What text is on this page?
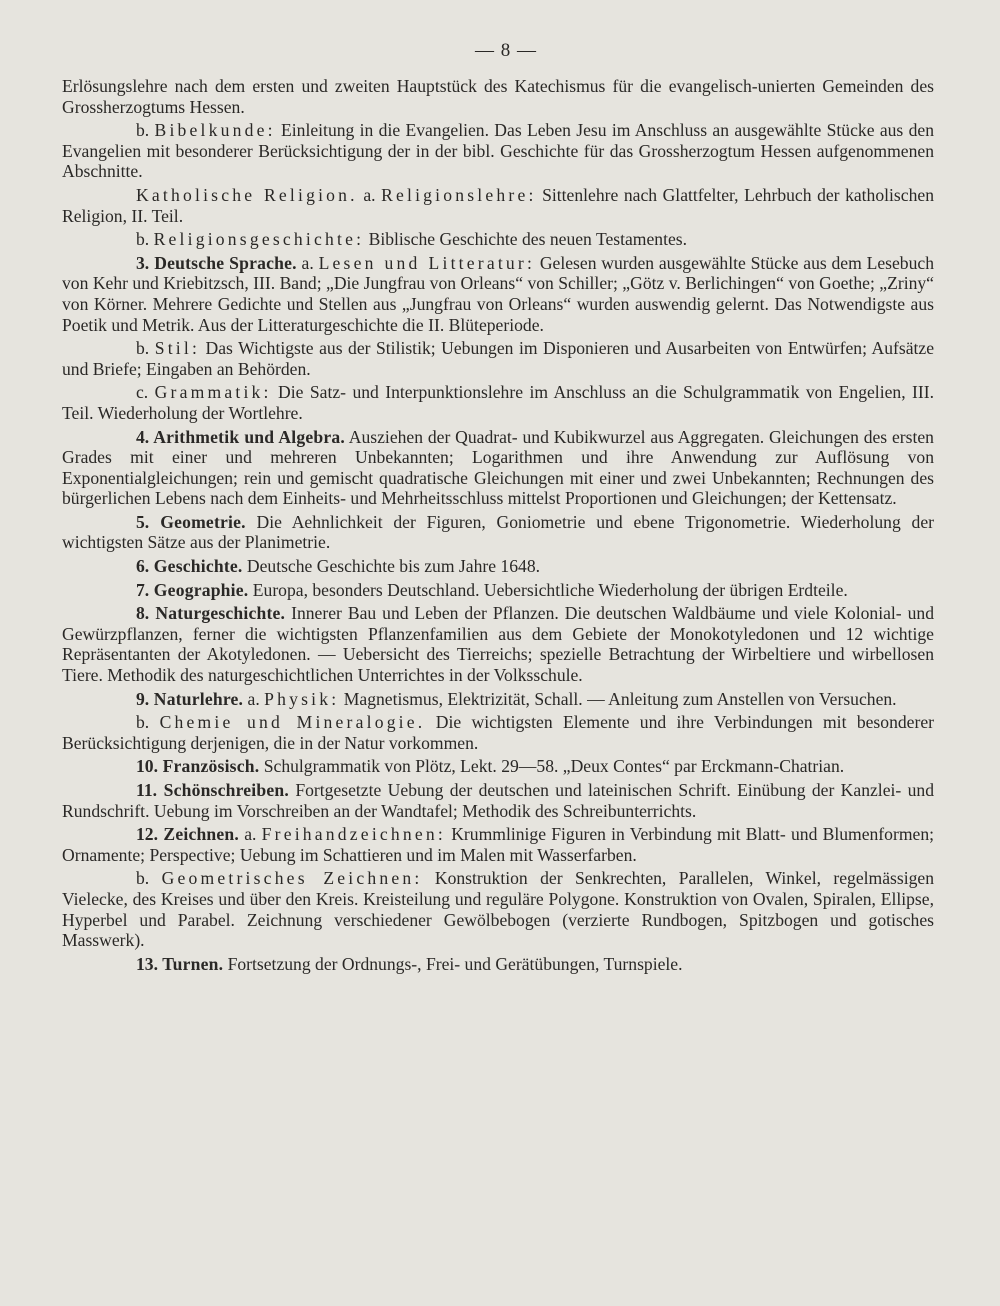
— 8 —

Erlösungslehre nach dem ersten und zweiten Hauptstück des Katechismus für die evangelisch-unierten Gemeinden des Grossherzogtums Hessen.

b. Bibelkunde: Einleitung in die Evangelien. Das Leben Jesu im Anschluss an ausgewählte Stücke aus den Evangelien mit besonderer Berücksichtigung der in der bibl. Geschichte für das Grossherzogtum Hessen aufgenommenen Abschnitte.

Katholische Religion. a. Religionslehre: Sittenlehre nach Glattfelter, Lehrbuch der katholischen Religion, II. Teil.

b. Religionsgeschichte: Biblische Geschichte des neuen Testamentes.

3. Deutsche Sprache. a. Lesen und Litteratur: Gelesen wurden ausgewählte Stücke aus dem Lesebuch von Kehr und Kriebitzsch, III. Band; „Die Jungfrau von Orleans“ von Schiller; „Götz v. Berlichingen“ von Goethe; „Zriny“ von Körner. Mehrere Gedichte und Stellen aus „Jungfrau von Orleans“ wurden auswendig gelernt. Das Notwendigste aus Poetik und Metrik. Aus der Litteraturgeschichte die II. Blüteperiode.

b. Stil: Das Wichtigste aus der Stilistik; Uebungen im Disponieren und Ausarbeiten von Entwürfen; Aufsätze und Briefe; Eingaben an Behörden.

c. Grammatik: Die Satz- und Interpunktionslehre im Anschluss an die Schulgrammatik von Engelien, III. Teil. Wiederholung der Wortlehre.

4. Arithmetik und Algebra. Ausziehen der Quadrat- und Kubikwurzel aus Aggregaten. Gleichungen des ersten Grades mit einer und mehreren Unbekannten; Logarithmen und ihre Anwendung zur Auflösung von Exponentialgleichungen; rein und gemischt quadratische Gleichungen mit einer und zwei Unbekannten; Rechnungen des bürgerlichen Lebens nach dem Einheits- und Mehrheitsschluss mittelst Proportionen und Gleichungen; der Kettensatz.

5. Geometrie. Die Aehnlichkeit der Figuren, Goniometrie und ebene Trigonometrie. Wiederholung der wichtigsten Sätze aus der Planimetrie.

6. Geschichte. Deutsche Geschichte bis zum Jahre 1648.

7. Geographie. Europa, besonders Deutschland. Uebersichtliche Wiederholung der übrigen Erdteile.

8. Naturgeschichte. Innerer Bau und Leben der Pflanzen. Die deutschen Waldbäume und viele Kolonial- und Gewürzpflanzen, ferner die wichtigsten Pflanzenfamilien aus dem Gebiete der Monokotyledonen und 12 wichtige Repräsentanten der Akotyledonen. — Uebersicht des Tierreichs; spezielle Betrachtung der Wirbeltiere und wirbellosen Tiere. Methodik des naturgeschichtlichen Unterrichtes in der Volksschule.

9. Naturlehre. a. Physik: Magnetismus, Elektrizität, Schall. — Anleitung zum Anstellen von Versuchen.

b. Chemie und Mineralogie. Die wichtigsten Elemente und ihre Verbindungen mit besonderer Berücksichtigung derjenigen, die in der Natur vorkommen.

10. Französisch. Schulgrammatik von Plötz, Lekt. 29—58. „Deux Contes“ par Erckmann-Chatrian.

11. Schönschreiben. Fortgesetzte Uebung der deutschen und lateinischen Schrift. Einübung der Kanzlei- und Rundschrift. Uebung im Vorschreiben an der Wandtafel; Methodik des Schreibunterrichts.

12. Zeichnen. a. Freihandzeichnen: Krummlinige Figuren in Verbindung mit Blatt- und Blumenformen; Ornamente; Perspective; Uebung im Schattieren und im Malen mit Wasserfarben.

b. Geometrisches Zeichnen: Konstruktion der Senkrechten, Parallelen, Winkel, regelmässigen Vielecke, des Kreises und über den Kreis. Kreisteilung und reguläre Polygone. Konstruktion von Ovalen, Spiralen, Ellipse, Hyperbel und Parabel. Zeichnung verschiedener Gewölbebogen (verzierte Rundbogen, Spitzbogen und gotisches Masswerk).

13. Turnen. Fortsetzung der Ordnungs-, Frei- und Gerätübungen, Turnspiele.
